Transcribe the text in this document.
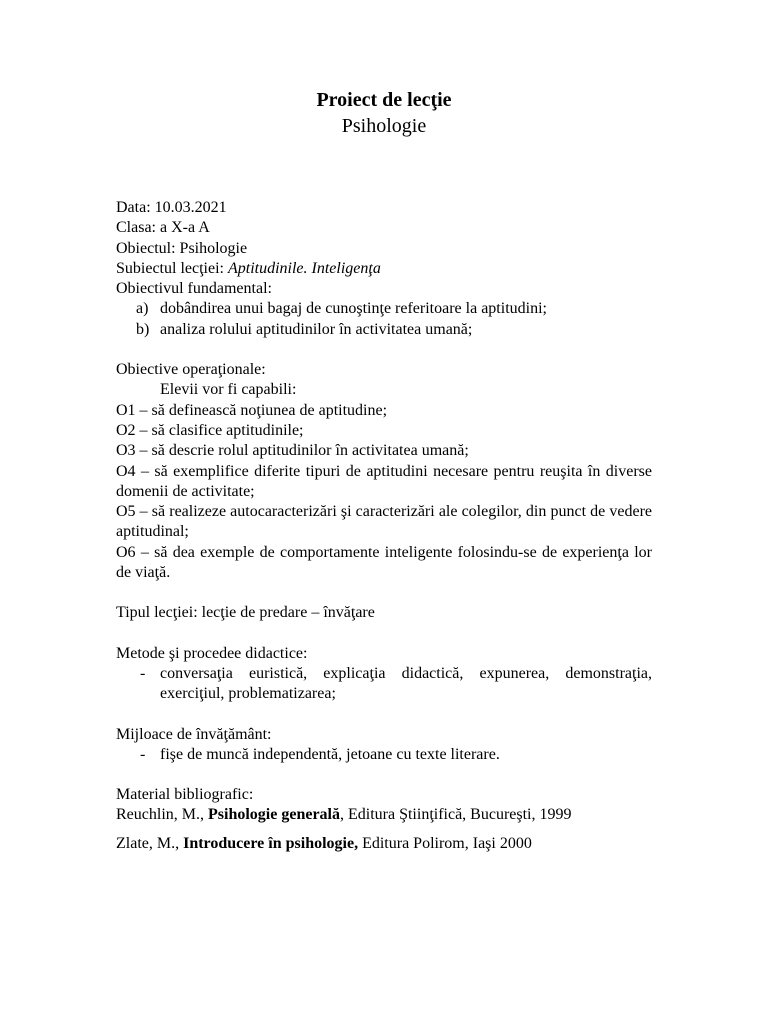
Proiect de lecţie
Psihologie
Data: 10.03.2021
Clasa: a X-a A
Obiectul: Psihologie
Subiectul lecţiei: Aptitudinile. Inteligenţa
Obiectivul fundamental:
a) dobândirea unui bagaj de cunoştinţe referitoare la aptitudini;
b) analiza rolului aptitudinilor în activitatea umană;
Obiective operaţionale:
Elevii vor fi capabili:
O1 – să definească noţiunea de aptitudine;
O2 – să clasifice aptitudinile;
O3 – să descrie rolul aptitudinilor în activitatea umană;
O4 – să exemplifice diferite tipuri de aptitudini necesare pentru reuşita în diverse domenii de activitate;
O5 – să realizeze autocaracterizări şi caracterizări ale colegilor, din punct de vedere aptitudinal;
O6 – să dea exemple de comportamente inteligente folosindu-se de experienţa lor de viaţă.
Tipul lecţiei: lecţie de predare – învăţare
Metode şi procedee didactice:
- conversaţia euristică, explicaţia didactică, expunerea, demonstraţia, exerciţiul, problematizarea;
Mijloace de învăţământ:
- fişe de muncă independentă, jetoane cu texte literare.
Material bibliografic:
Reuchlin, M., Psihologie generală, Editura Ştiinţifică, Bucureşti, 1999
Zlate, M., Introducere în psihologie, Editura Polirom, Iaşi 2000
